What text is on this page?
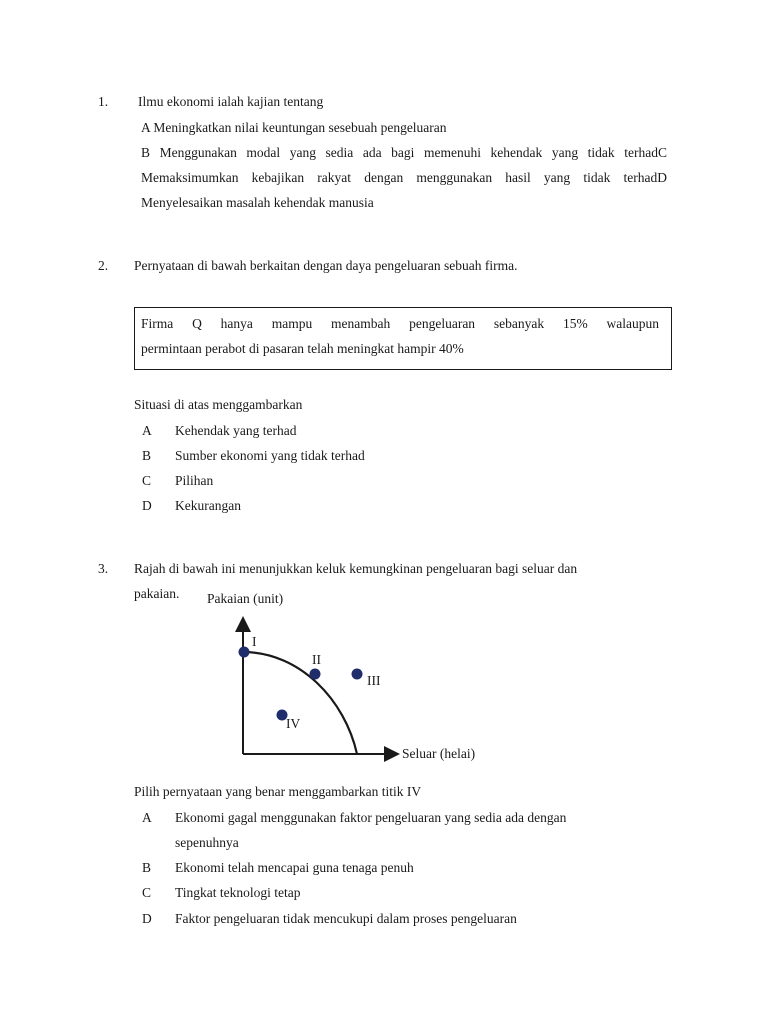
1. Ilmu ekonomi ialah kajian tentang
A Meningkatkan nilai keuntungan sesebuah pengeluaran
B Menggunakan modal yang sedia ada bagi memenuhi kehendak yang tidak terhadC
Memaksimumkan kebajikan rakyat dengan menggunakan hasil yang tidak terhadD
Menyelesaikan masalah kehendak manusia
2. Pernyataan di bawah berkaitan dengan daya pengeluaran sebuah firma.
Firma Q hanya mampu menambah pengeluaran sebanyak 15% walaupun
permintaan perabot di pasaran telah meningkat hampir 40%
Situasi di atas menggambarkan
A Kehendak yang terhad
B Sumber ekonomi yang tidak terhad
C Pilihan
D Kekurangan
3. Rajah di bawah ini menunjukkan keluk kemungkinan pengeluaran bagi seluar dan
pakaian. Pakaian (unit)
Seluar (helai)
I
II
III
IV
Pilih pernyataan yang benar menggambarkan titik IV
A Ekonomi gagal menggunakan faktor pengeluaran yang sedia ada dengan
sepenuhnya
B Ekonomi telah mencapai guna tenaga penuh
C Tingkat teknologi tetap
D Faktor pengeluaran tidak mencukupi dalam proses pengeluaran
